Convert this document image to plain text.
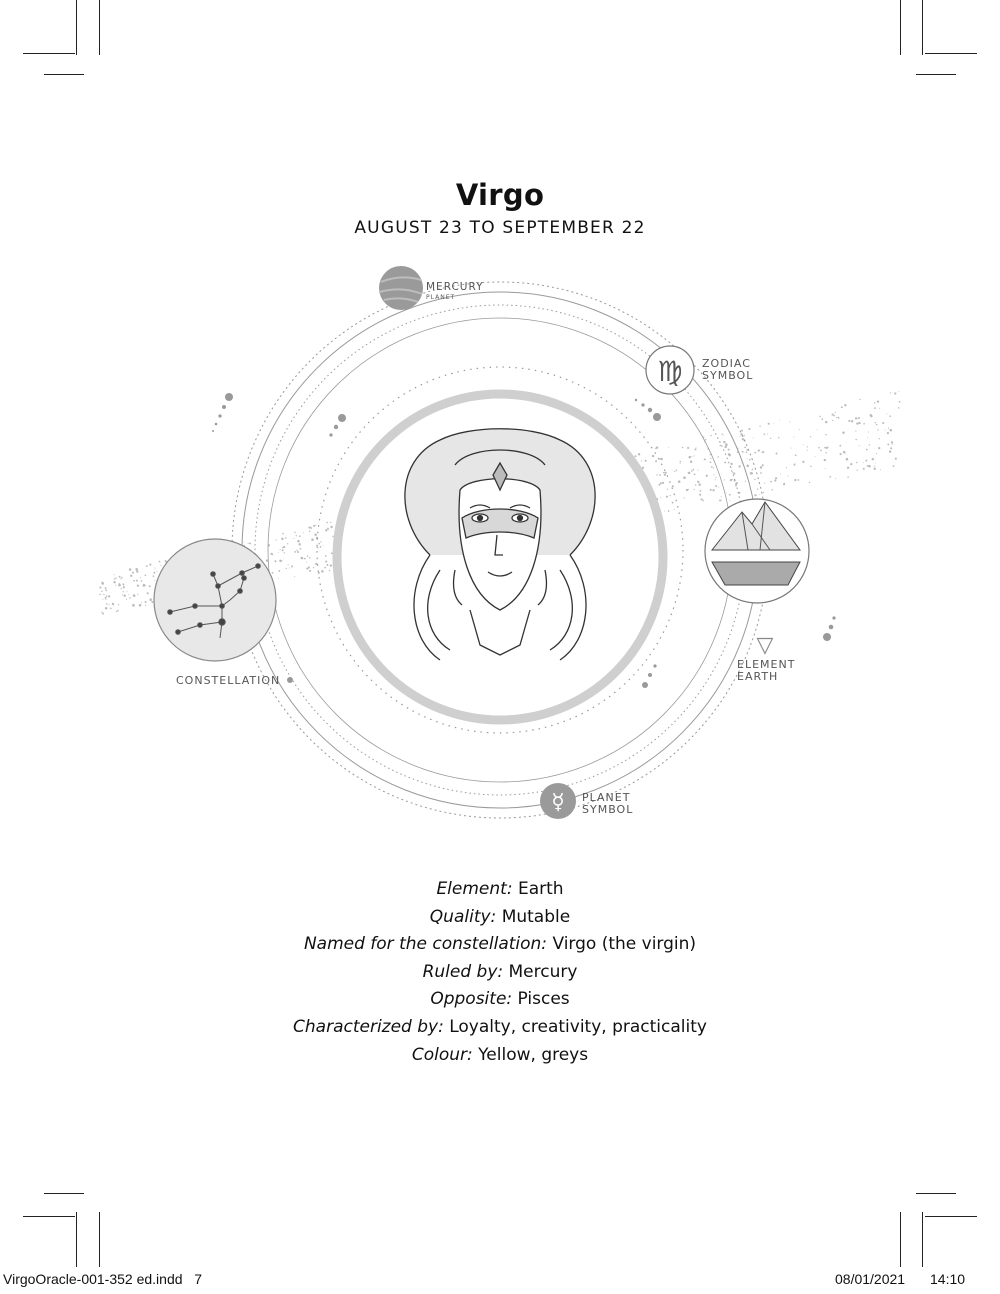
Virgo
AUGUST 23 TO SEPTEMBER 22
MERCURY
PLANET
♍ ZODIAC
SYMBOL
▽
ELEMENT
EARTH
☿ PLANET
SYMBOL
CONSTELLATION
Element: Earth
Quality: Mutable
Named for the constellation: Virgo (the virgin)
Ruled by: Mercury
Opposite: Pisces
Characterized by: Loyalty, creativity, practicality
Colour: Yellow, greys
VirgoOracle-001-352 ed.indd   7	08/01/2021 14:10
